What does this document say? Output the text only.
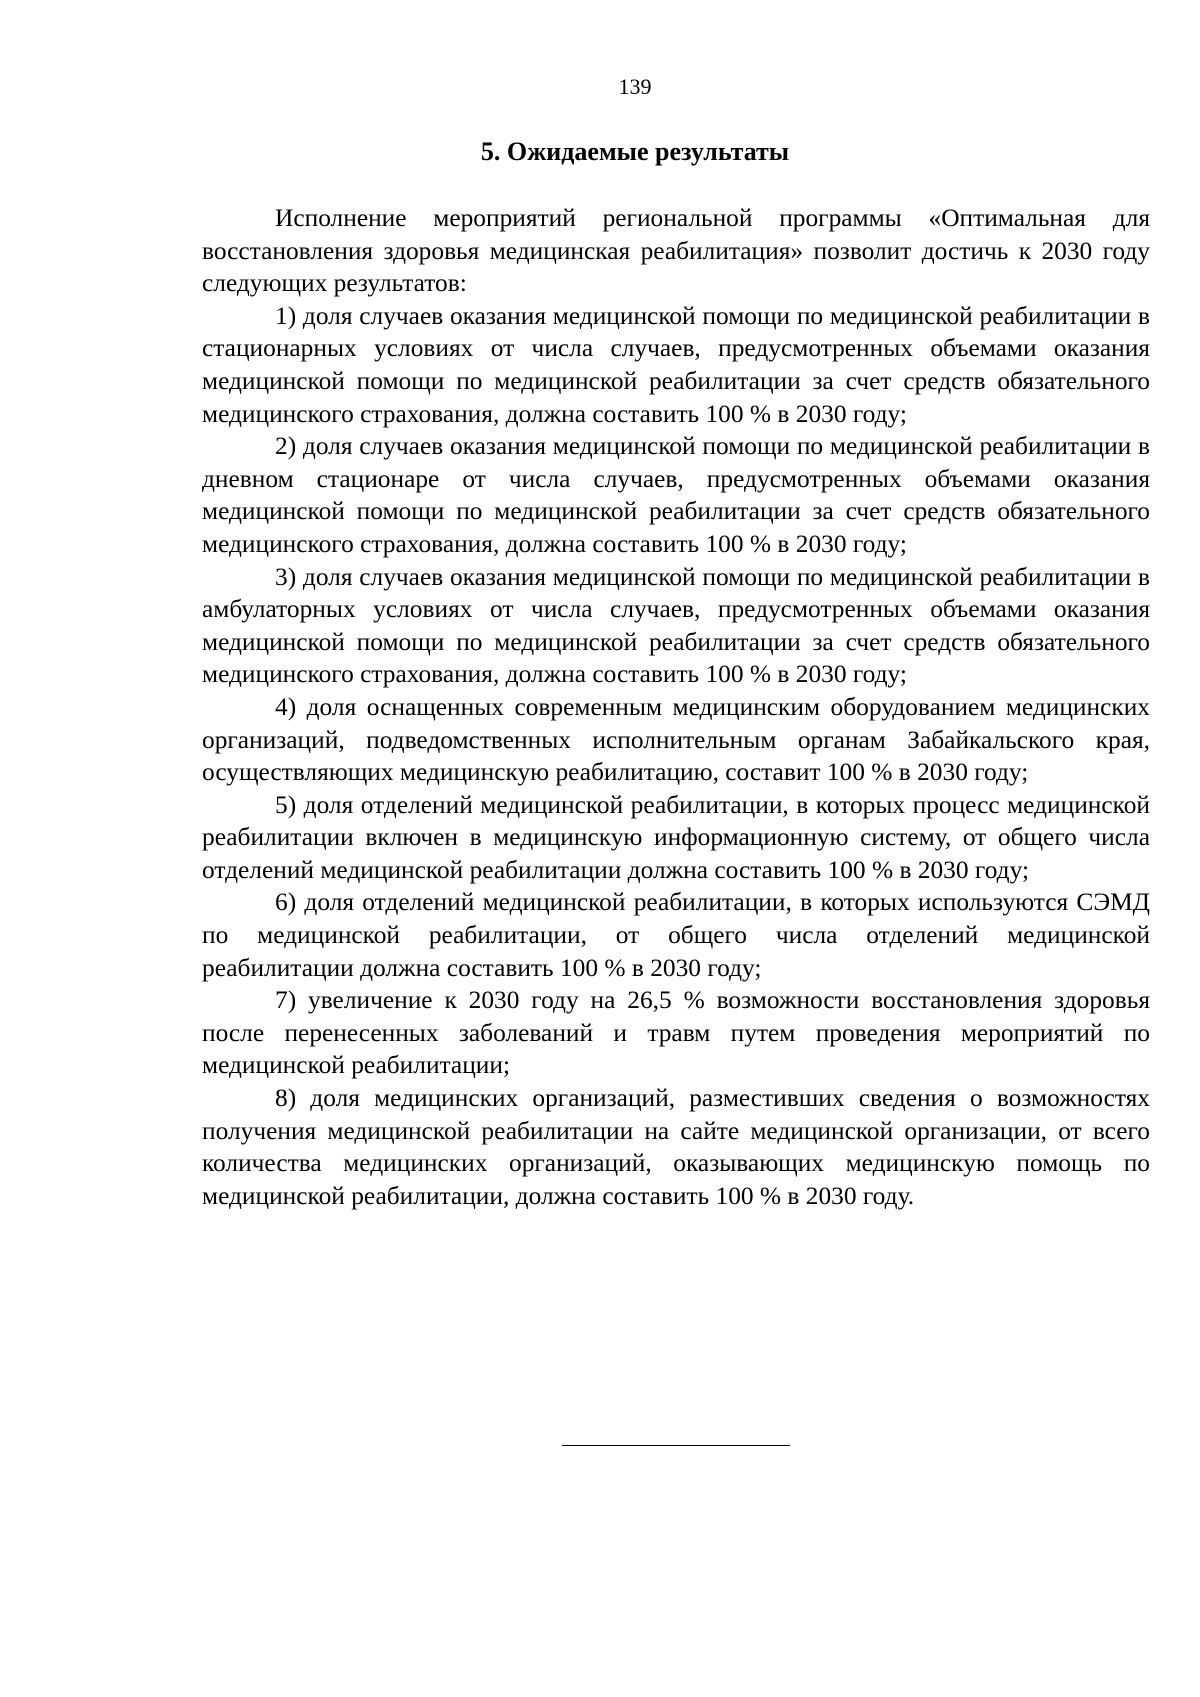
139
5. Ожидаемые результаты

Исполнение мероприятий региональной программы «Оптимальная для восстановления здоровья медицинская реабилитация» позволит достичь к 2030 году следующих результатов:

1) доля случаев оказания медицинской помощи по медицинской реабилитации в стационарных условиях от числа случаев, предусмотренных объемами оказания медицинской помощи по медицинской реабилитации за счет средств обязательного медицинского страхования, должна составить 100 % в 2030 году;

2) доля случаев оказания медицинской помощи по медицинской реабилитации в дневном стационаре от числа случаев, предусмотренных объемами оказания медицинской помощи по медицинской реабилитации за счет средств обязательного медицинского страхования, должна составить 100 % в 2030 году;

3) доля случаев оказания медицинской помощи по медицинской реабилитации в амбулаторных условиях от числа случаев, предусмотренных объемами оказания медицинской помощи по медицинской реабилитации за счет средств обязательного медицинского страхования, должна составить 100 % в 2030 году;

4) доля оснащенных современным медицинским оборудованием медицинских организаций, подведомственных исполнительным органам Забайкальского края, осуществляющих медицинскую реабилитацию, составит 100 % в 2030 году;

5) доля отделений медицинской реабилитации, в которых процесс медицинской реабилитации включен в медицинскую информационную систему, от общего числа отделений медицинской реабилитации должна составить 100 % в 2030 году;

6) доля отделений медицинской реабилитации, в которых используются СЭМД по медицинской реабилитации, от общего числа отделений медицинской реабилитации должна составить 100 % в 2030 году;

7) увеличение к 2030 году на 26,5 % возможности восстановления здоровья после перенесенных заболеваний и травм путем проведения мероприятий по медицинской реабилитации;

8) доля медицинских организаций, разместивших сведения о возможностях получения медицинской реабилитации на сайте медицинской организации, от всего количества медицинских организаций, оказывающих медицинскую помощь по медицинской реабилитации, должна составить 100 % в 2030 году.
